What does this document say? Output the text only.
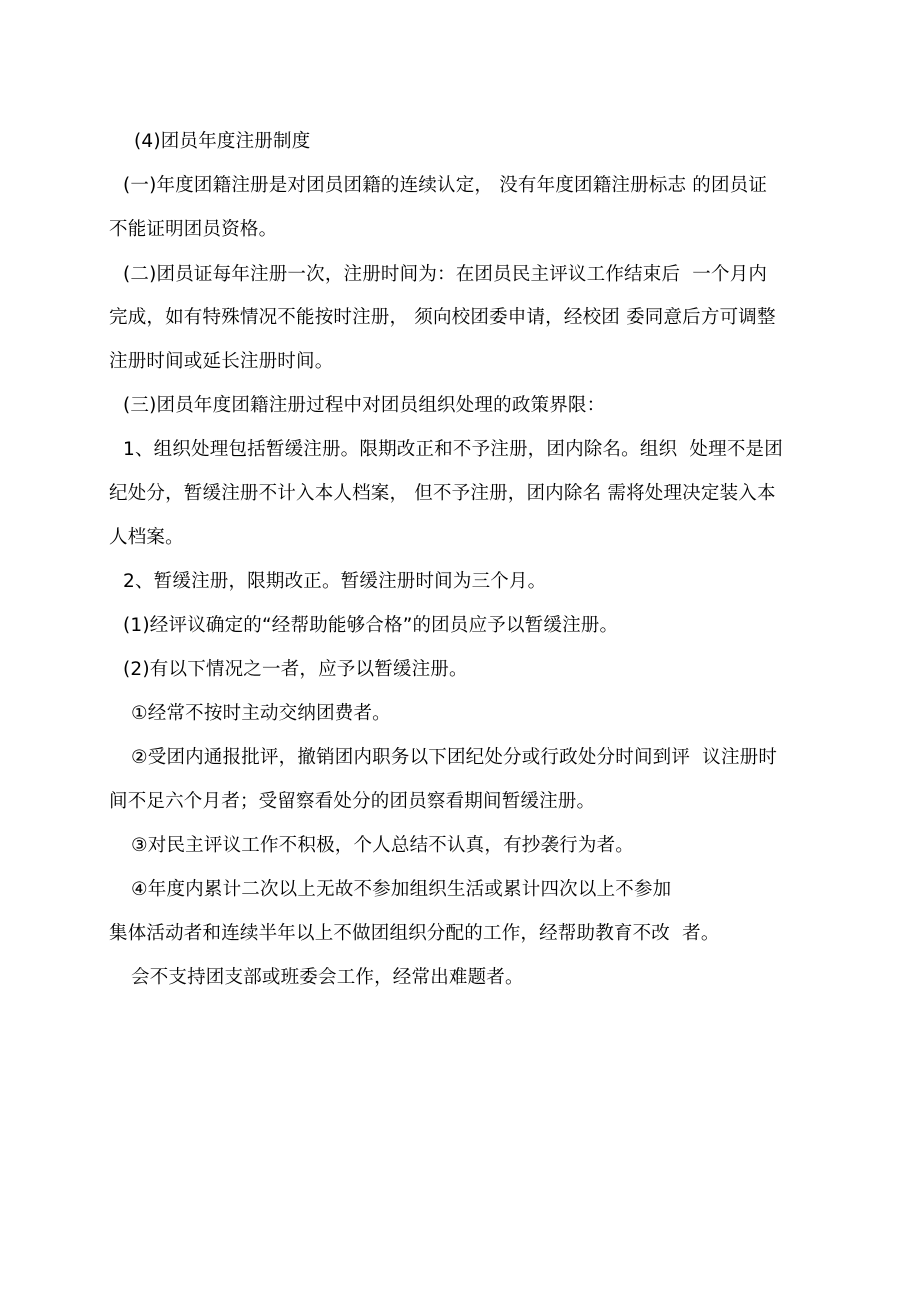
(4)团员年度注册制度
(一)年度团籍注册是对团员团籍的连续认定， 没有年度团籍注册标志 的团员证
不能证明团员资格。
(二)团员证每年注册一次，注册时间为：在团员民主评议工作结束后  一个月内
完成，如有特殊情况不能按时注册， 须向校团委申请，经校团 委同意后方可调整
注册时间或延长注册时间。
(三)团员年度团籍注册过程中对团员组织处理的政策界限：
1、组织处理包括暂缓注册。限期改正和不予注册，团内除名。组织  处理不是团
纪处分，暂缓注册不计入本人档案， 但不予注册，团内除名 需将处理决定装入本
人档案。
2、暂缓注册，限期改正。暂缓注册时间为三个月。
(1)经评议确定的“经帮助能够合格”的团员应予以暂缓注册。
(2)有以下情况之一者，应予以暂缓注册。
①经常不按时主动交纳团费者。
②受团内通报批评，撤销团内职务以下团纪处分或行政处分时间到评  议注册时
间不足六个月者；受留察看处分的团员察看期间暂缓注册。
③对民主评议工作不积极，个人总结不认真，有抄袭行为者。
④年度内累计二次以上无故不参加组织生活或累计四次以上不参加
集体活动者和连续半年以上不做团组织分配的工作，经帮助教育不改  者。
会不支持团支部或班委会工作，经常出难题者。
